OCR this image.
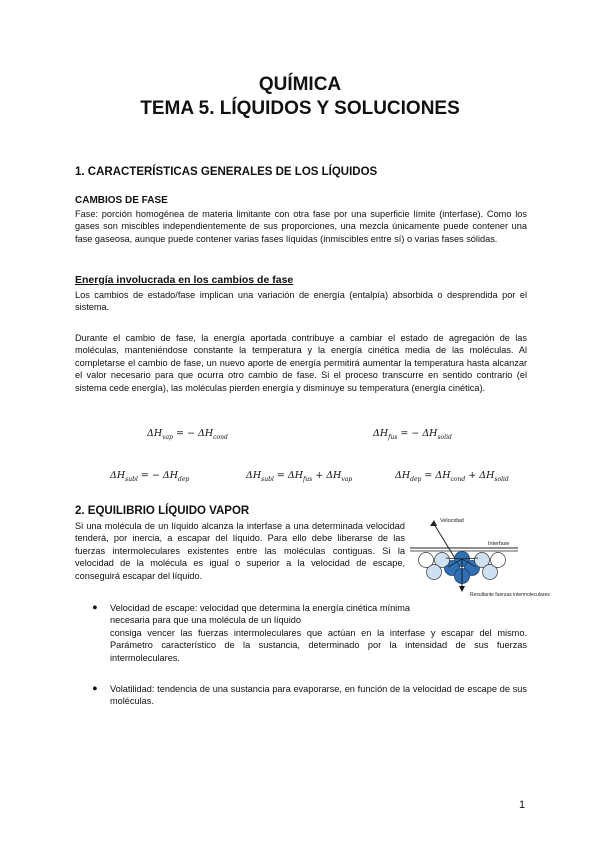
QUÍMICA
TEMA 5. LÍQUIDOS Y SOLUCIONES
1. CARACTERÍSTICAS GENERALES DE LOS LÍQUIDOS
CAMBIOS DE FASE
Fase: porción homogénea de materia limitante con otra fase por una superficie límite (interfase). Como los gases son miscibles independientemente de sus proporciones, una mezcla únicamente puede contener una fase gaseosa, aunque puede contener varias fases líquidas (inmiscibles entre sí) o varias fases sólidas.
Energía involucrada en los cambios de fase
Los cambios de estado/fase implican una variación de energía (entalpía) absorbida o desprendida por el sistema.
Durante el cambio de fase, la energía aportada contribuye a cambiar el estado de agregación de las moléculas, manteniéndose constante la temperatura y la energía cinética media de las moléculas. Al completarse el cambio de fase, un nuevo aporte de energía permitirá aumentar la temperatura hasta alcanzar el valor necesario para que ocurra otro cambio de fase. Si el proceso transcurre en sentido contrario (el sistema cede energía), las moléculas pierden energía y disminuye su temperatura (energía cinética).
$\Delta H_{vap}$ = − $\Delta H_{cond}$	$\Delta H_{fus}$ = − $\Delta H_{solid}$
$\Delta H_{subl}$ = − $\Delta H_{dep}$	$\Delta H_{subl} = \Delta H_{fus} + \Delta H_{vap}$	$\Delta H_{dep} = \Delta H_{cond} + \Delta H_{solid}$
2. EQUILIBRIO LÍQUIDO VAPOR
Si una molécula de un líquido alcanza la interfase a una determinada velocidad tenderá, por inercia, a escapar del líquido. Para ello debe liberarse de las fuerzas intermoleculares existentes entre las moléculas contiguas. Si la velocidad de la molécula es igual o superior a la velocidad de escape, conseguirá escapar del líquido.
Velocidad
Interfase
Resultante fuerzas intermoleculares
● Velocidad de escape: velocidad que determina la energía cinética mínima necesaria para que una molécula de un líquido
consiga vencer las fuerzas intermoleculares que actúan en la interfase y escapar del mismo. Parámetro característico de la sustancia, determinado por la intensidad de sus fuerzas intermoleculares.
● Volatilidad: tendencia de una sustancia para evaporarse, en función de la velocidad de escape de sus moléculas.
1
